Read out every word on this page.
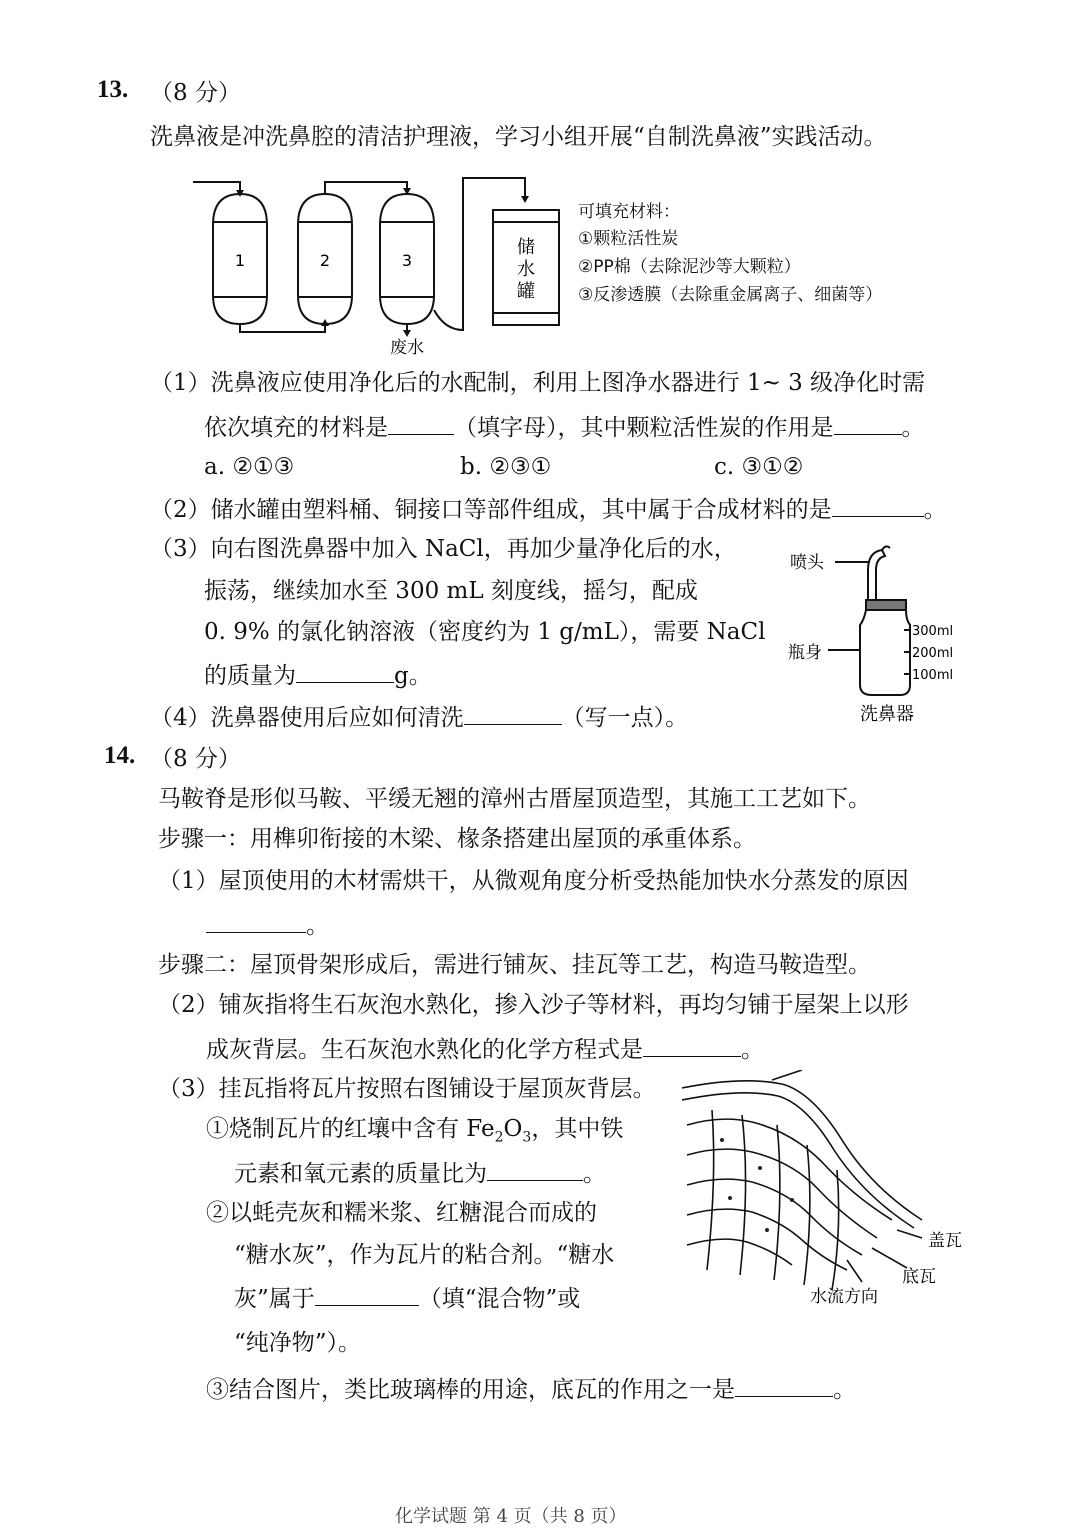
13. （8 分）
洗鼻液是冲洗鼻腔的清洁护理液，学习小组开展“自制洗鼻液”实践活动。
1	2	3
储
水
罐
废水
可填充材料：
①颗粒活性炭
②PP棉（去除泥沙等大颗粒）
③反渗透膜（去除重金属离子、细菌等）
（1）洗鼻液应使用净化后的水配制，利用上图净水器进行 1~ 3 级净化时需
依次填充的材料是	（填字母），其中颗粒活性炭的作用是	。
a. ②①③	b. ②③①	c. ③①②
（2）储水罐由塑料桶、铜接口等部件组成，其中属于合成材料的是	。
（3）向右图洗鼻器中加入 NaCl，再加少量净化后的水，
振荡，继续加水至 300 mL 刻度线，摇匀，配成
0. 9% 的氯化钠溶液（密度约为 1 g/mL），需要 NaCl
的质量为	g。
（4）洗鼻器使用后应如何清洗	（写一点）。
喷头
瓶身
300ml
200ml
100ml
洗鼻器
14. （8 分）
马鞍脊是形似马鞍、平缓无翘的漳州古厝屋顶造型，其施工工艺如下。
步骤一：用榫卯衔接的木梁、椽条搭建出屋顶的承重体系。
（1）屋顶使用的木材需烘干，从微观角度分析受热能加快水分蒸发的原因
。
步骤二：屋顶骨架形成后，需进行铺灰、挂瓦等工艺，构造马鞍造型。
（2）铺灰指将生石灰泡水熟化，掺入沙子等材料，再均匀铺于屋架上以形
成灰背层。生石灰泡水熟化的化学方程式是	。
（3）挂瓦指将瓦片按照右图铺设于屋顶灰背层。
①烧制瓦片的红壤中含有 $Fe_2O_3$，其中铁
元素和氧元素的质量比为	。
②以蚝壳灰和糯米浆、红糖混合而成的
“糖水灰”，作为瓦片的粘合剂。“糖水
灰”属于	（填“混合物”或
“纯净物”）。
③结合图片，类比玻璃棒的用途，底瓦的作用之一是	。
盖瓦
底瓦
水流方向
化学试题 第 4 页（共 8 页）
